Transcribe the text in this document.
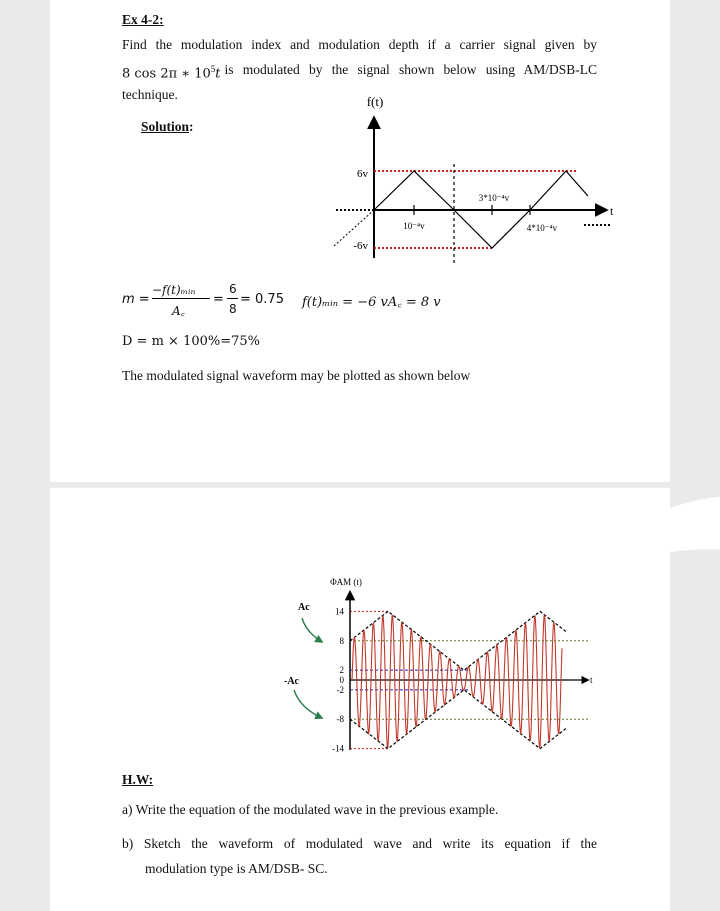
Ex 4-2:
Find the modulation index and modulation depth if a carrier signal given by
8 cos 2π ∗ $10^5t$ is modulated by the signal shown below using AM/DSB-LC
technique.
Solution:
f(t)
t
6v
-6v
10⁻⁴v
3*10⁻⁴v
4*10⁻⁴v
m =
−f(t)ₘᵢₙ
A꜀
=
6
8
= 0.75 f(t)ₘᵢₙ = −6 vA꜀ = 8 v
D = m × 100%=75%
The modulated signal waveform may be plotted as shown below
ΦAM (t)
t
Ac
-Ac
14
8
2
0
-2
-8
-14
H.W:
a) Write the equation of the modulated wave in the previous example.
b) Sketch the waveform of modulated wave and write its equation if the
modulation type is AM/DSB- SC.
